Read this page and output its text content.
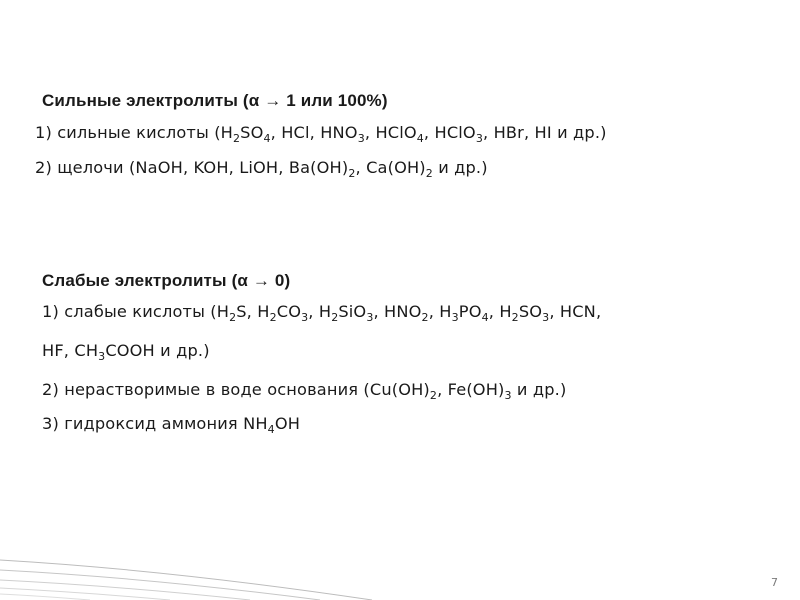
Сильные электролиты (α → 1 или 100%)
1) сильные кислоты ($H_2SO_4$, HCl, $HNO_3$, HClO$_4$, HClO$_3$, HBr, HI и др.)
2) щелочи (NaOH, KOH, LiOH, $Ba(OH)_2$, $Ca(OH)_2$ и др.)
Слабые электролиты (α → 0)
1) слабые кислоты ($H_2S$, $H_2CO_3$, $H_2SiO_3$, $HNO_2$, $H_3PO_4$, $H_2SO_3$, HCN,
HF, $CH_3COOH$ и др.)
2) нерастворимые в воде основания ($Cu(OH)_2$, $Fe(OH)_3$ и др.)
3) гидроксид аммония $NH_4OH$
7
